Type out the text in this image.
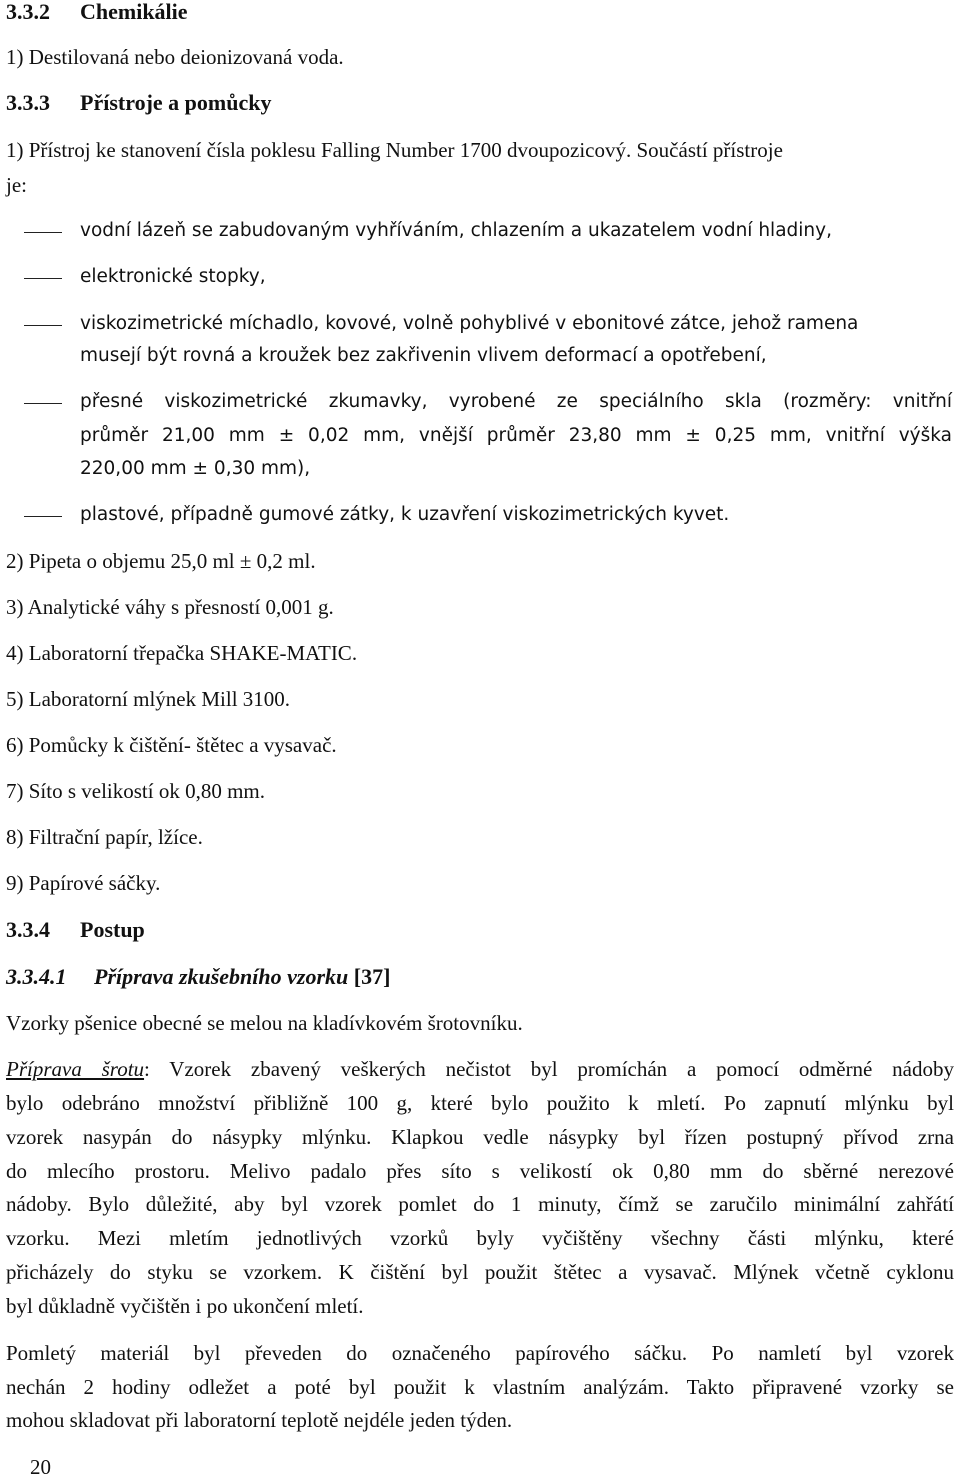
3.3.2 Chemikálie
1) Destilovaná nebo deionizovaná voda.
3.3.3 Přístroje a pomůcky
1) Přístroj ke stanovení čísla poklesu Falling Number 1700 dvoupozicový. Součástí přístroje
je:
vodní lázeň se zabudovaným vyhříváním, chlazením a ukazatelem vodní hladiny,
elektronické stopky,
viskozimetrické míchadlo, kovové, volně pohyblivé v ebonitové zátce, jehož ramena
musejí být rovná a kroužek bez zakřivenin vlivem deformací a opotřebení,
přesné viskozimetrické zkumavky, vyrobené ze speciálního skla (rozměry: vnitřní
průměr 21,00 mm ± 0,02 mm, vnější průměr 23,80 mm ± 0,25 mm, vnitřní výška
220,00 mm ± 0,30 mm),
plastové, případně gumové zátky, k uzavření viskozimetrických kyvet.
2) Pipeta o objemu 25,0 ml ± 0,2 ml.
3) Analytické váhy s přesností 0,001 g.
4) Laboratorní třepačka SHAKE-MATIC.
5) Laboratorní mlýnek Mill 3100.
6) Pomůcky k čištění- štětec a vysavač.
7) Síto s velikostí ok 0,80 mm.
8) Filtrační papír, lžíce.
9) Papírové sáčky.
3.3.4 Postup
3.3.4.1 Příprava zkušebního vzorku [37]
Vzorky pšenice obecné se melou na kladívkovém šrotovníku.
Příprava šrotu: Vzorek zbavený veškerých nečistot byl promíchán a pomocí odměrné nádoby
bylo odebráno množství přibližně 100 g, které bylo použito k mletí. Po zapnutí mlýnku byl
vzorek nasypán do násypky mlýnku. Klapkou vedle násypky byl řízen postupný přívod zrna
do mlecího prostoru. Melivo padalo přes síto s velikostí ok 0,80 mm do sběrné nerezové
nádoby. Bylo důležité, aby byl vzorek pomlet do 1 minuty, čímž se zaručilo minimální zahřátí
vzorku. Mezi mletím jednotlivých vzorků byly vyčištěny všechny části mlýnku, které
přicházely do styku se vzorkem. K čištění byl použit štětec a vysavač. Mlýnek včetně cyklonu
byl důkladně vyčištěn i po ukončení mletí.
Pomletý materiál byl převeden do označeného papírového sáčku. Po namletí byl vzorek
nechán 2 hodiny odležet a poté byl použit k vlastním analýzám. Takto připravené vzorky se
mohou skladovat při laboratorní teplotě nejdéle jeden týden.
20
